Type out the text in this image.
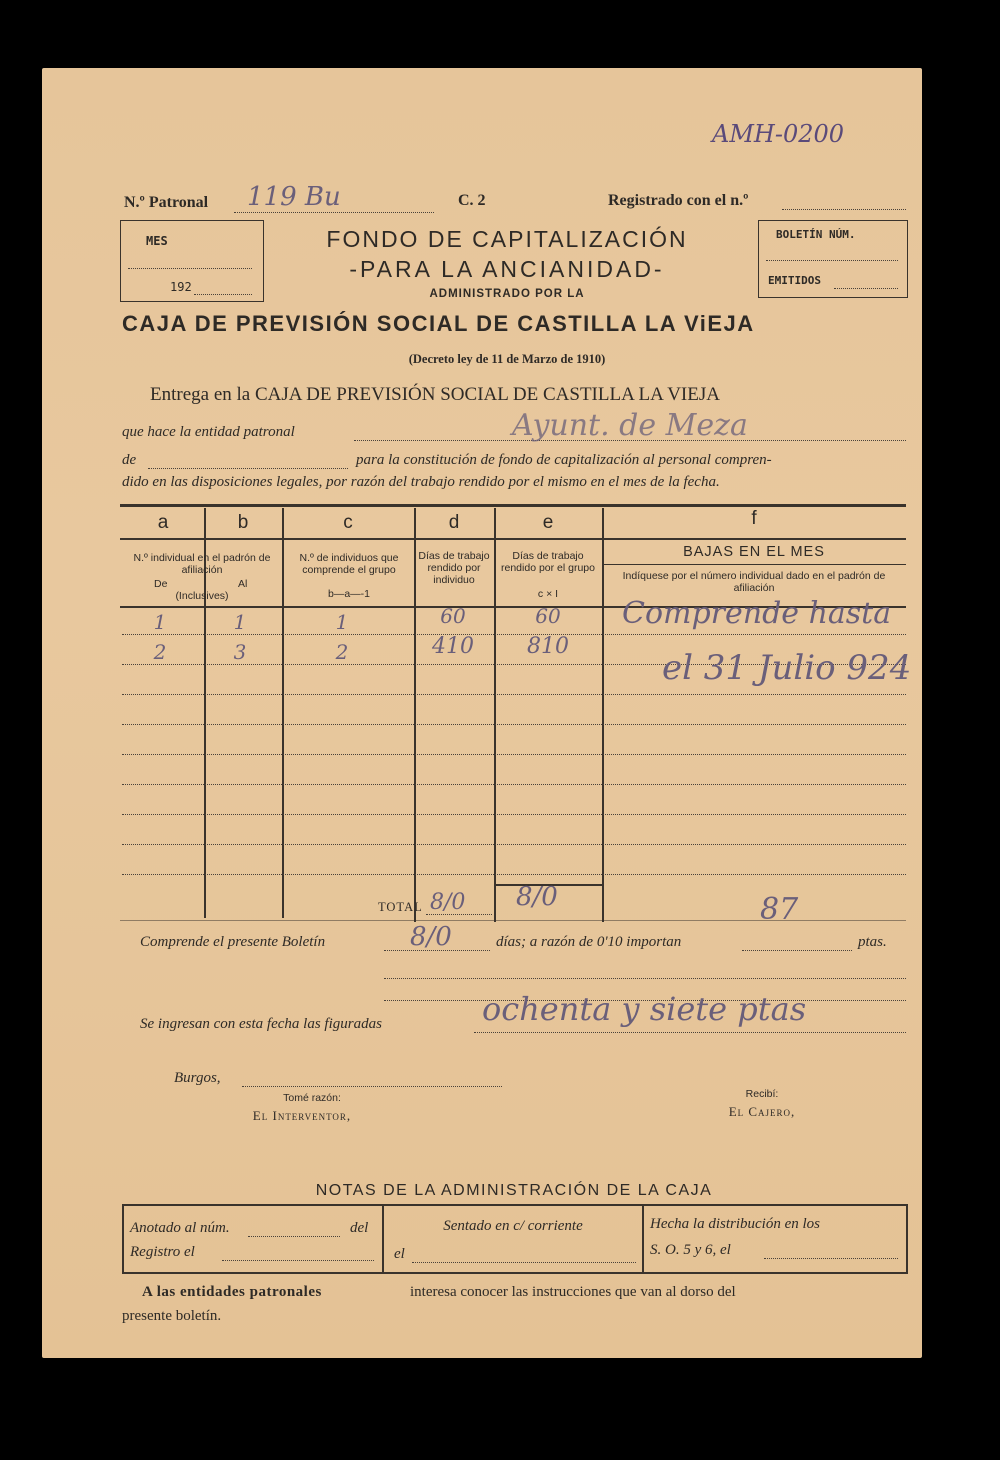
AMH-0200
N.º Patronal 119 Bu	C. 2	Registrado con el n.º
MES
192
FONDO DE CAPITALIZACIÓN
-PARA LA ANCIANIDAD-
ADMINISTRADO POR LA
BOLETÍN NÚM.
EMITIDOS
CAJA DE PREVISIÓN SOCIAL DE CASTILLA LA ViEJA
(Decreto ley de 11 de Marzo de 1910)
Entrega en la CAJA DE PREVISIÓN SOCIAL DE CASTILLA LA VIEJA
que hace la entidad patronal	Ayunt. de Meza
de	para la constitución de fondo de capitalización al personal compren-
dido en las disposiciones legales, por razón del trabajo rendido por el mismo en el mes de la fecha.
a	b	c	d	e	f
N.º individual en el padrón de afiliación
De	Al
(Inclusives)
N.º de individuos que comprende el grupo
b—a—-1
Días de trabajo rendido por individuo
Días de trabajo rendido por el grupo
c × I
BAJAS EN EL MES
Indíquese por el número individual dado en el padrón de afiliación
1	1	1	60	60
2	3	2	410	810
Comprende hasta
el 31 Julio 924
TOTAL 8/0 8/0
Comprende el presente Boletín	8/0	días; a razón de 0'10 importan
87
ptas.
Se ingresan con esta fecha las figuradas	ochenta y siete ptas
Burgos,
Tomé razón:
El Interventor,
Recibí:
El Cajero,
NOTAS DE LA ADMINISTRACIÓN DE LA CAJA
Anotado al núm.	del
Registro el
Sentado en c/ corriente
el
Hecha la distribución en los
S. O. 5 y 6, el
A las entidades patronales	interesa conocer las instrucciones que van al dorso del
presente boletín.
